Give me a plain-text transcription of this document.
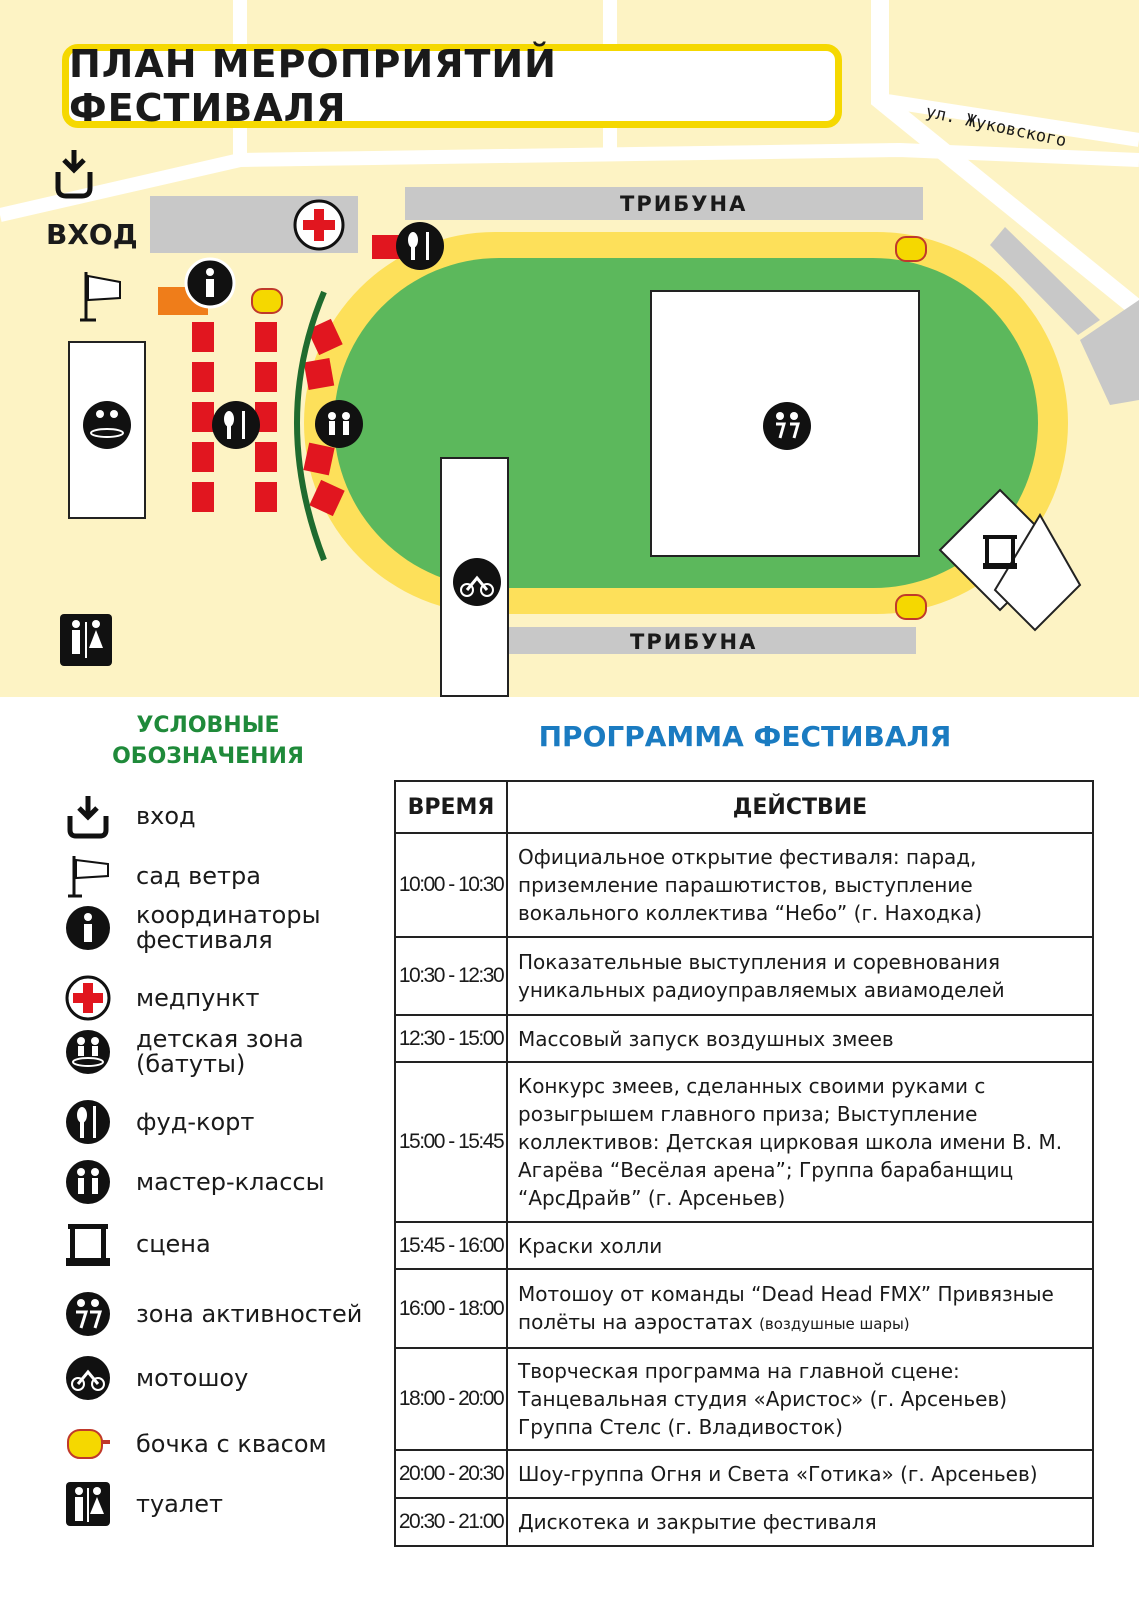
ПЛАН МЕРОПРИЯТИЙ ФЕСТИВАЛЯ
ВХОД
ул. Жуковского
ТРИБУНА
ТРИБУНА
УСЛОВНЫЕ
ОБОЗНАЧЕНИЯ
вход
сад ветра
координаторы фестиваля
медпункт
детская зона (батуты)
фуд-корт
мастер-классы
сцена
зона активностей
мотошоу
бочка с квасом
туалет
ПРОГРАММА ФЕСТИВАЛЯ
ВРЕМЯ	ДЕЙСТВИЕ
10:00 - 10:30	Официальное открытие фестиваля: парад, приземление парашютистов, выступление вокального коллектива “Небо” (г. Находка)
10:30 - 12:30	Показательные выступления и соревнования уникальных радиоуправляемых авиамоделей
12:30 - 15:00	Массовый запуск воздушных змеев
15:00 - 15:45	Конкурс змеев, сделанных своими руками с розыгрышем главного приза; Выступление коллективов: Детская цирковая школа имени В. М. Агарёва “Весёлая арена”; Группа барабанщиц “АрсДрайв” (г. Арсеньев)
15:45 - 16:00	Краски холли
16:00 - 18:00	Мотошоу от команды “Dead Head FMX” Привязные полёты на аэростатах (воздушные шары)
18:00 - 20:00	Творческая программа на главной сцене: Танцевальная студия «Аристос» (г. Арсеньев) Группа Стелс (г. Владивосток)
20:00 - 20:30	Шоу-группа Огня и Света «Готика» (г. Арсеньев)
20:30 - 21:00	Дискотека и закрытие фестиваля
